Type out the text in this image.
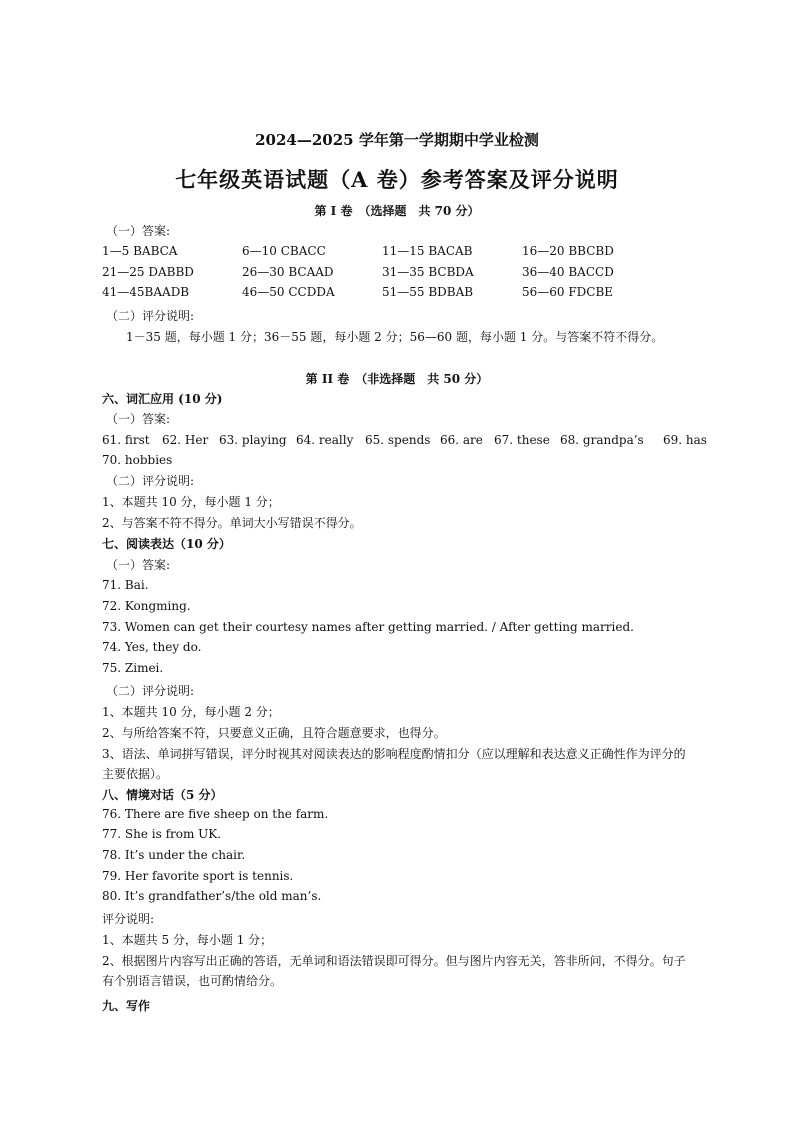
2024—2025 学年第一学期期中学业检测
七年级英语试题（A 卷）参考答案及评分说明
第 I 卷　（选择题　共 70 分）
（一）答案:
1—5 BABCA	6—10 CBACC	11—15 BACAB	16—20 BBCBD
21—25 DABBD	26—30 BCAAD	31—35 BCBDA	36—40 BACCD
41—45BAADB	46—50 CCDDA	51—55 BDBAB	56—60 FDCBE
（二）评分说明:
1－35 题，每小题 1 分；36－55 题，每小题 2 分；56—60 题，每小题 1 分。与答案不符不得分。
第 II 卷　（非选择题　共 50 分）
六、词汇应用 (10 分)
（一）答案:
61. first 62. Her 63. playing 64. really 65. spends 66. are 67. these 68. grandpa’s 69. has
70. hobbies
（二）评分说明:
1、本题共 10 分，每小题 1 分；
2、与答案不符不得分。单词大小写错误不得分。
七、阅读表达（10 分）
（一）答案:
71. Bai.
72. Kongming.
73. Women can get their courtesy names after getting married. / After getting married.
74. Yes, they do.
75. Zimei.
（二）评分说明:
1、本题共 10 分，每小题 2 分；
2、与所给答案不符，只要意义正确，且符合题意要求，也得分。
3、语法、单词拼写错误，评分时视其对阅读表达的影响程度酌情扣分（应以理解和表达意义正确性作为评分的主要依据）。
八、情境对话（5 分）
76. There are five sheep on the farm.
77. She is from UK.
78. It’s under the chair.
79. Her favorite sport is tennis.
80. It’s grandfather’s/the old man’s.
评分说明:
1、本题共 5 分，每小题 1 分；
2、根据图片内容写出正确的答语，无单词和语法错误即可得分。但与图片内容无关，答非所问，不得分。句子有个别语言错误，也可酌情给分。
九、写作
